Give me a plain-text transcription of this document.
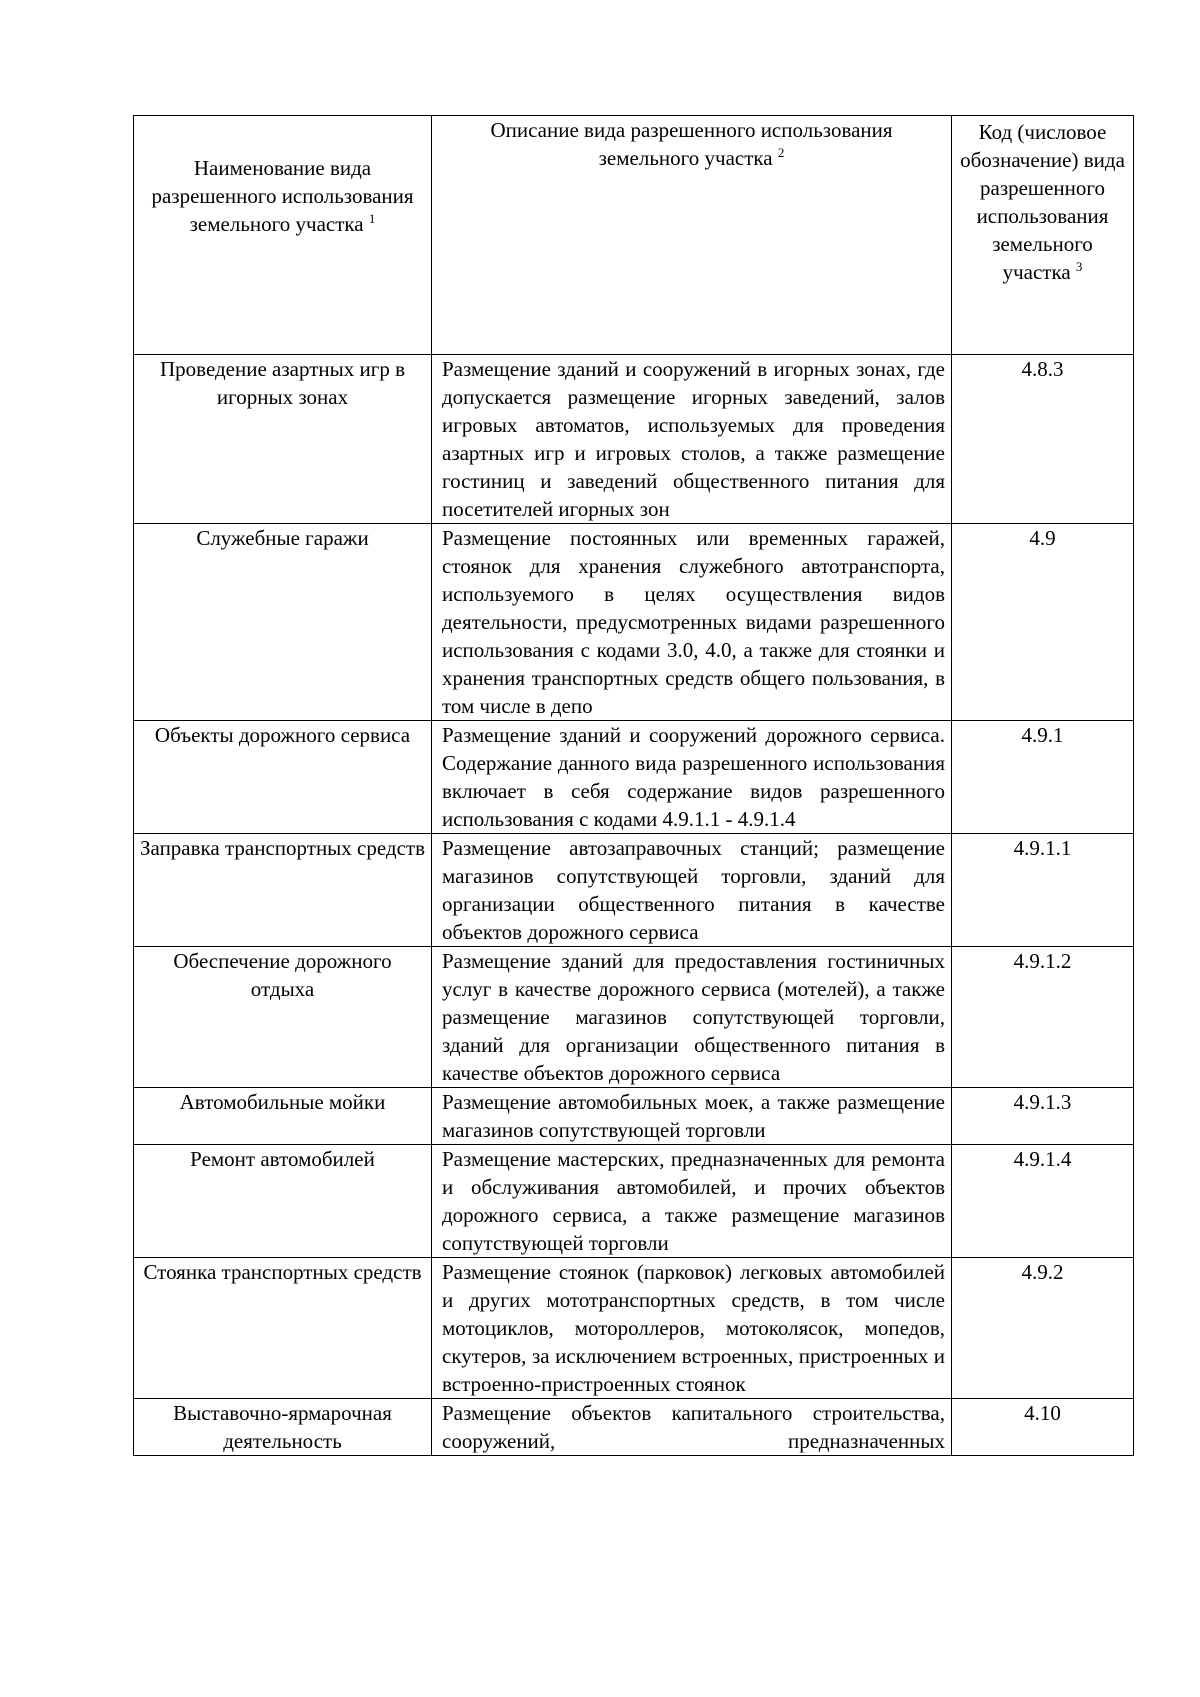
Наименование вида разрешенного использования земельного участка $^1$	Описание вида разрешенного использования земельного участка $^2$	Код (числовое обозначение) вида разрешенного использования земельного участка $^3$
Проведение азартных игр в игорных зонах	Размещение зданий и сооружений в игорных зонах, где допускается размещение игорных заведений, залов игровых автоматов, используемых для проведения азартных игр и игровых столов, а также размещение гостиниц и заведений общественного питания для посетителей игорных зон	4.8.3
Служебные гаражи	Размещение постоянных или временных гаражей, стоянок для хранения служебного автотранспорта, используемого в целях осуществления видов деятельности, предусмотренных видами разрешенного использования с кодами 3.0, 4.0, а также для стоянки и хранения транспортных средств общего пользования, в том числе в депо	4.9
Объекты дорожного сервиса	Размещение зданий и сооружений дорожного сервиса. Содержание данного вида разрешенного использования включает в себя содержание видов разрешенного использования с кодами 4.9.1.1 - 4.9.1.4	4.9.1
Заправка транспортных средств	Размещение автозаправочных станций; размещение магазинов сопутствующей торговли, зданий для организации общественного питания в качестве объектов дорожного сервиса	4.9.1.1
Обеспечение дорожного отдыха	Размещение зданий для предоставления гостиничных услуг в качестве дорожного сервиса (мотелей), а также размещение магазинов сопутствующей торговли, зданий для организации общественного питания в качестве объектов дорожного сервиса	4.9.1.2
Автомобильные мойки	Размещение автомобильных моек, а также размещение магазинов сопутствующей торговли	4.9.1.3
Ремонт автомобилей	Размещение мастерских, предназначенных для ремонта и обслуживания автомобилей, и прочих объектов дорожного сервиса, а также размещение магазинов сопутствующей торговли	4.9.1.4
Стоянка транспортных средств	Размещение стоянок (парковок) легковых автомобилей и других мототранспортных средств, в том числе мотоциклов, мотороллеров, мотоколясок, мопедов, скутеров, за исключением встроенных, пристроенных и встроенно-пристроенных стоянок	4.9.2
Выставочно-ярмарочная деятельность	Размещение объектов капитального строительства, сооружений, предназначенных	4.10
